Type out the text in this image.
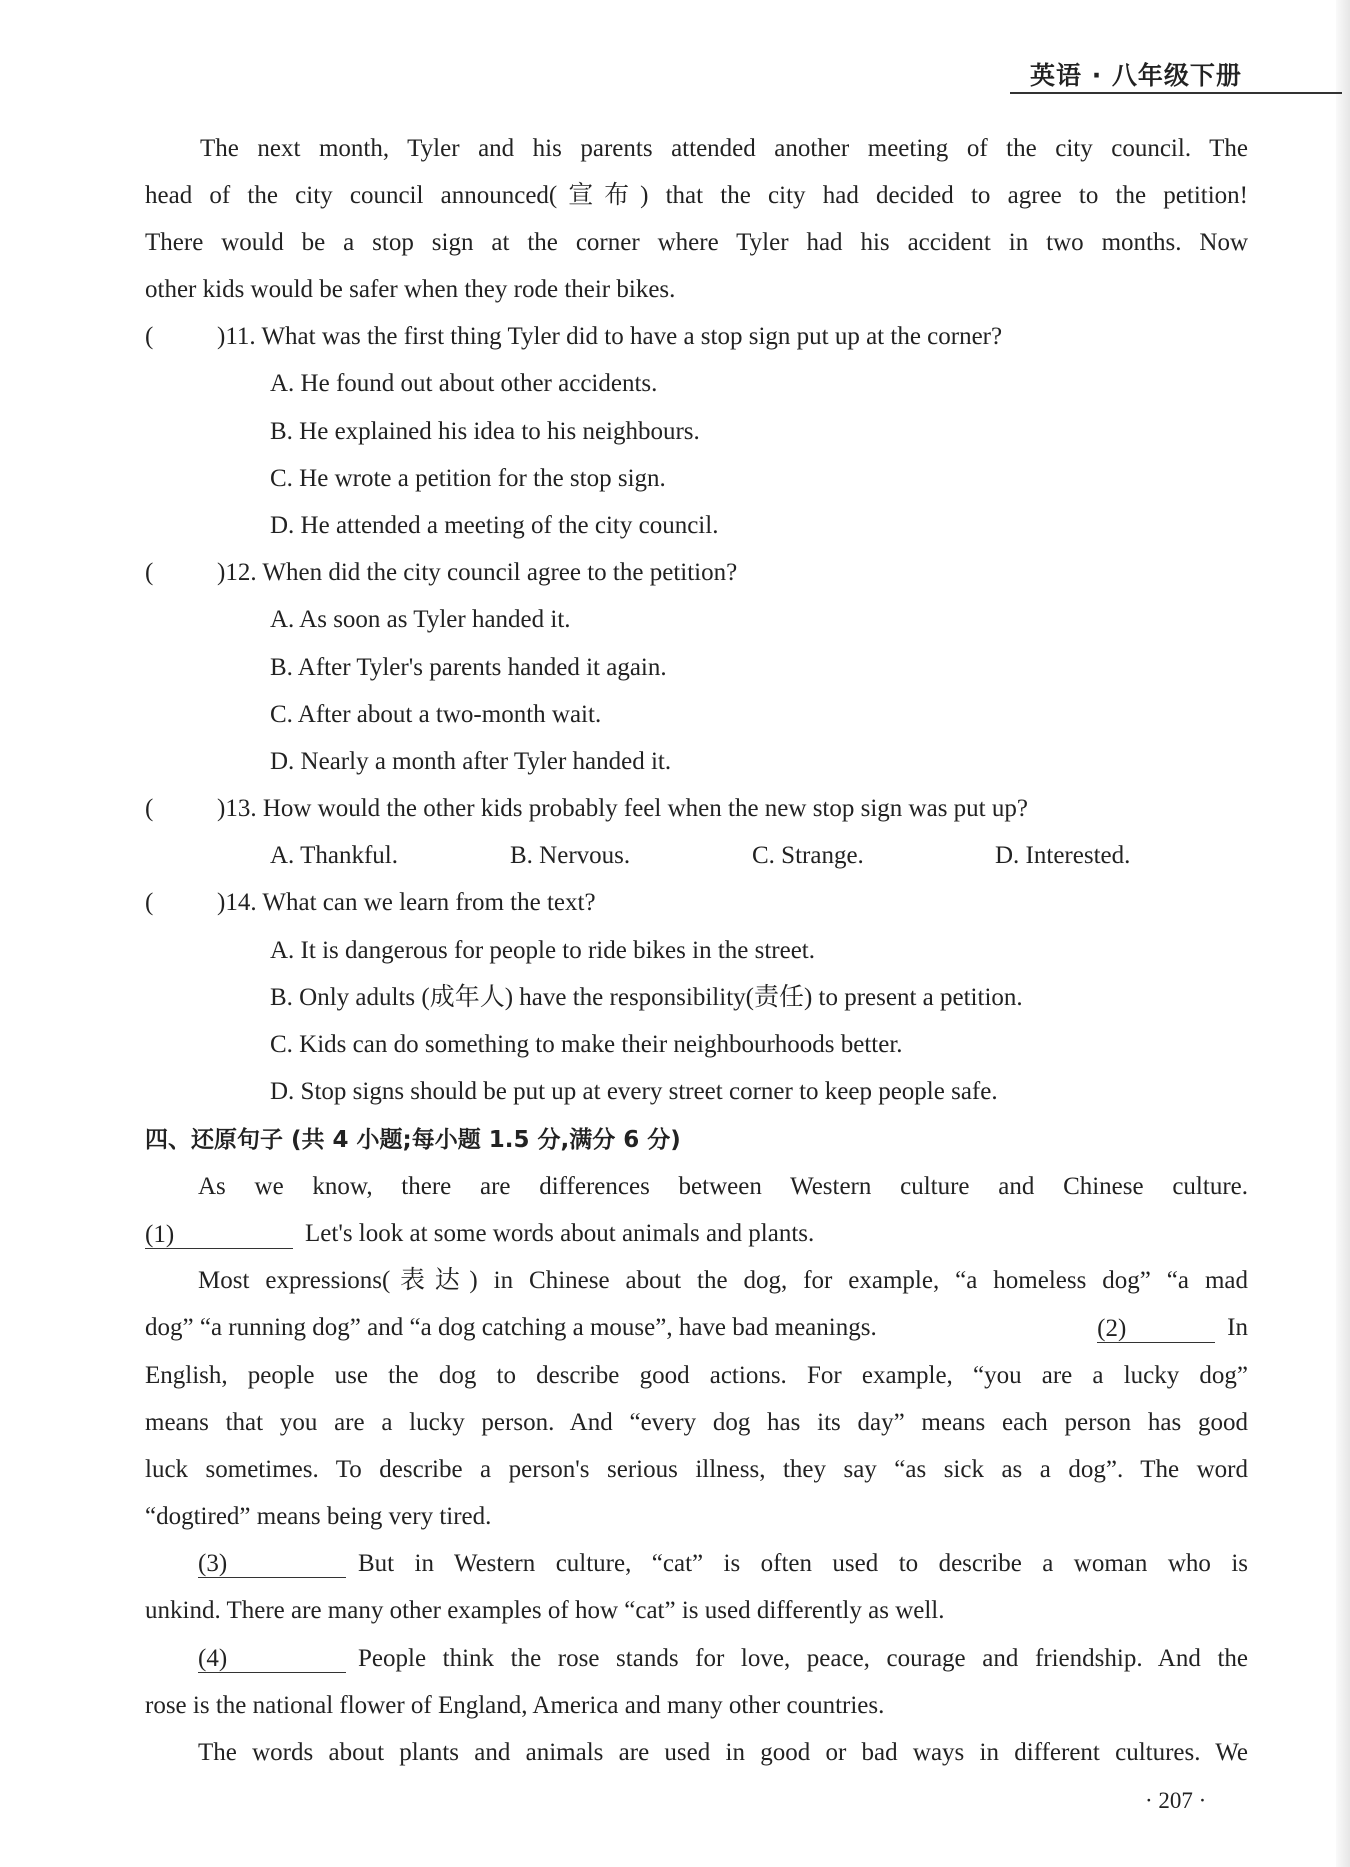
英语 · 八年级下册
The next month, Tyler and his parents attended another meeting of the city council. The
head of the city council announced(宣布) that the city had decided to agree to the petition!
There would be a stop sign at the corner where Tyler had his accident in two months. Now
other kids would be safer when they rode their bikes.
(	)11. What was the first thing Tyler did to have a stop sign put up at the corner?
A. He found out about other accidents.
B. He explained his idea to his neighbours.
C. He wrote a petition for the stop sign.
D. He attended a meeting of the city council.
(	)12. When did the city council agree to the petition?
A. As soon as Tyler handed it.
B. After Tyler's parents handed it again.
C. After about a two-month wait.
D. Nearly a month after Tyler handed it.
(	)13. How would the other kids probably feel when the new stop sign was put up?
A. Thankful.	B. Nervous.	C. Strange.	D. Interested.
(	)14. What can we learn from the text?
A. It is dangerous for people to ride bikes in the street.
B. Only adults (成年人) have the responsibility(责任) to present a petition.
C. Kids can do something to make their neighbourhoods better.
D. Stop signs should be put up at every street corner to keep people safe.
四、还原句子 (共 4 小题;每小题 1.5 分,满分 6 分)
As we know, there are differences between Western culture and Chinese culture.
(1)	Let's look at some words about animals and plants.
Most expressions(表达) in Chinese about the dog, for example, “a homeless dog” “a mad
dog” “a running dog” and “a dog catching a mouse”, have bad meanings.	(2)	In
English, people use the dog to describe good actions. For example, “you are a lucky dog”
means that you are a lucky person. And “every dog has its day” means each person has good
luck sometimes. To describe a person's serious illness, they say “as sick as a dog”. The word
“dogtired” means being very tired.
(3)	But in Western culture, “cat” is often used to describe a woman who is
unkind. There are many other examples of how “cat” is used differently as well.
(4)	People think the rose stands for love, peace, courage and friendship. And the
rose is the national flower of England, America and many other countries.
The words about plants and animals are used in good or bad ways in different cultures. We
· 207 ·
